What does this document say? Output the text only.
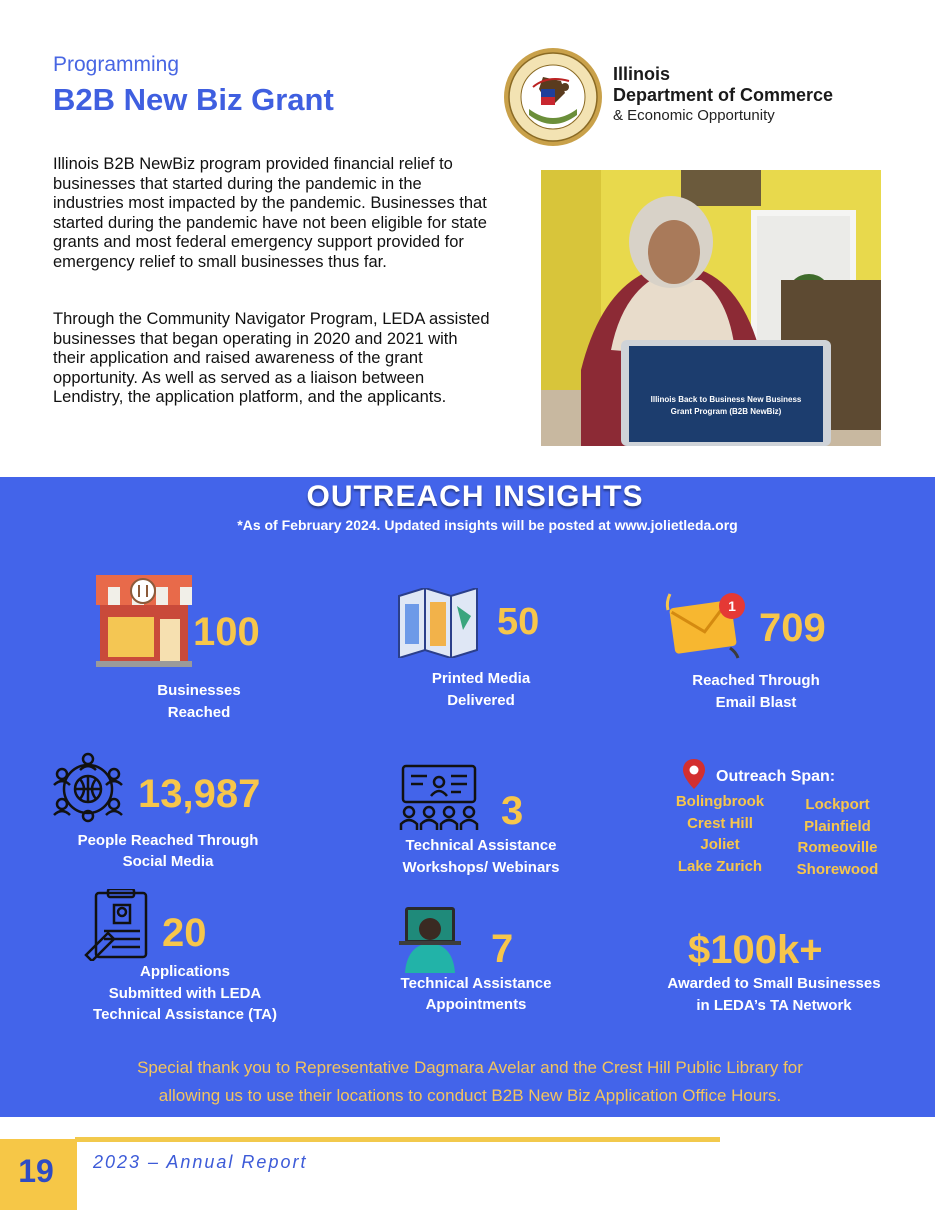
Programming
B2B New Biz Grant
Illinois
Department of Commerce
& Economic Opportunity

Illinois B2B NewBiz program provided financial relief to businesses that started during the pandemic in the industries most impacted by the pandemic. Businesses that started during the pandemic have not been eligible for state grants and most federal emergency support provided for emergency relief to small businesses thus far.

Through the Community Navigator Program, LEDA assisted businesses that began operating in 2020 and 2021 with their application and raised awareness of the grant opportunity. As well as served as a liaison between Lendistry, the application platform, and the applicants.	Illinois Back to Business New Business
Grant Program (B2B NewBiz)
OUTREACH INSIGHTS
*As of February 2024. Updated insights will be posted at www.jolietleda.org
100
Businesses
Reached
50
Printed Media
Delivered
1 709
Reached Through
Email Blast
13,987
People Reached Through
Social Media
3
Technical Assistance
Workshops/ Webinars
Outreach Span:
Bolingbrook
Crest Hill
Joliet
Lake Zurich
Lockport
Plainfield
Romeoville
Shorewood
20
Applications
Submitted with LEDA
Technical Assistance (TA)
7
Technical Assistance
Appointments
$100k+
Awarded to Small Businesses
in LEDA’s TA Network
Special thank you to Representative Dagmara Avelar and the Crest Hill Public Library for
allowing us to use their locations to conduct B2B New Biz Application Office Hours.
19	2023 – Annual Report
